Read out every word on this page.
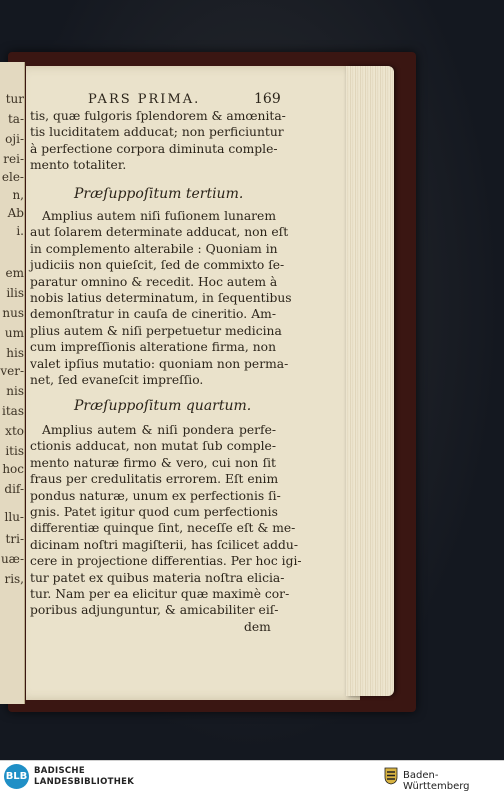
tur
ta-
oji-
rei-
ele-
n,
Ab
i.
em
ilis
nus
um
his
ver-
nis
itas
xto
itis
hoc
dif-
llu-
tri-
uæ-
ris,
PARS PRIMA.	169
tis, quæ fulgoris ſplendorem & amœnita-
tis luciditatem adducat; non perficiuntur
à perfectione corpora diminuta comple-
mento totaliter.
Præſuppoſitum tertium.
Amplius autem niſi fuſionem lunarem
aut ſolarem determinate adducat, non eſt
in complemento alterabile : Quoniam in
judiciis non quieſcit, ſed de commixto ſe-
paratur omnino & recedit. Hoc autem à
nobis latius determinatum, in ſequentibus
demonſtratur in cauſa de cineritio. Am-
plius autem & niſi perpetuetur medicina
cum impreſſionis alteratione firma, non
valet ipſius mutatio: quoniam non perma-
net, ſed evaneſcit impreſſio.
Præſuppoſitum quartum.
Amplius autem & niſi pondera perfe-
ctionis adducat, non mutat ſub comple-
mento naturæ firmo & vero, cui non ſit
fraus per credulitatis errorem. Eſt enim
pondus naturæ, unum ex perfectionis ſi-
gnis. Patet igitur quod cum perfectionis
differentiæ quinque ſint, neceſſe eſt & me-
dicinam noſtri magiſterii, has ſcilicet addu-
cere in projectione differentias. Per hoc igi-
tur patet ex quibus materia noſtra elicia-
tur. Nam per ea elicitur quæ maximè cor-
poribus adjunguntur, & amicabiliter eiſ-
dem
BLB BADISCHE
LANDESBIBLIOTHEK
Baden-Württemberg
